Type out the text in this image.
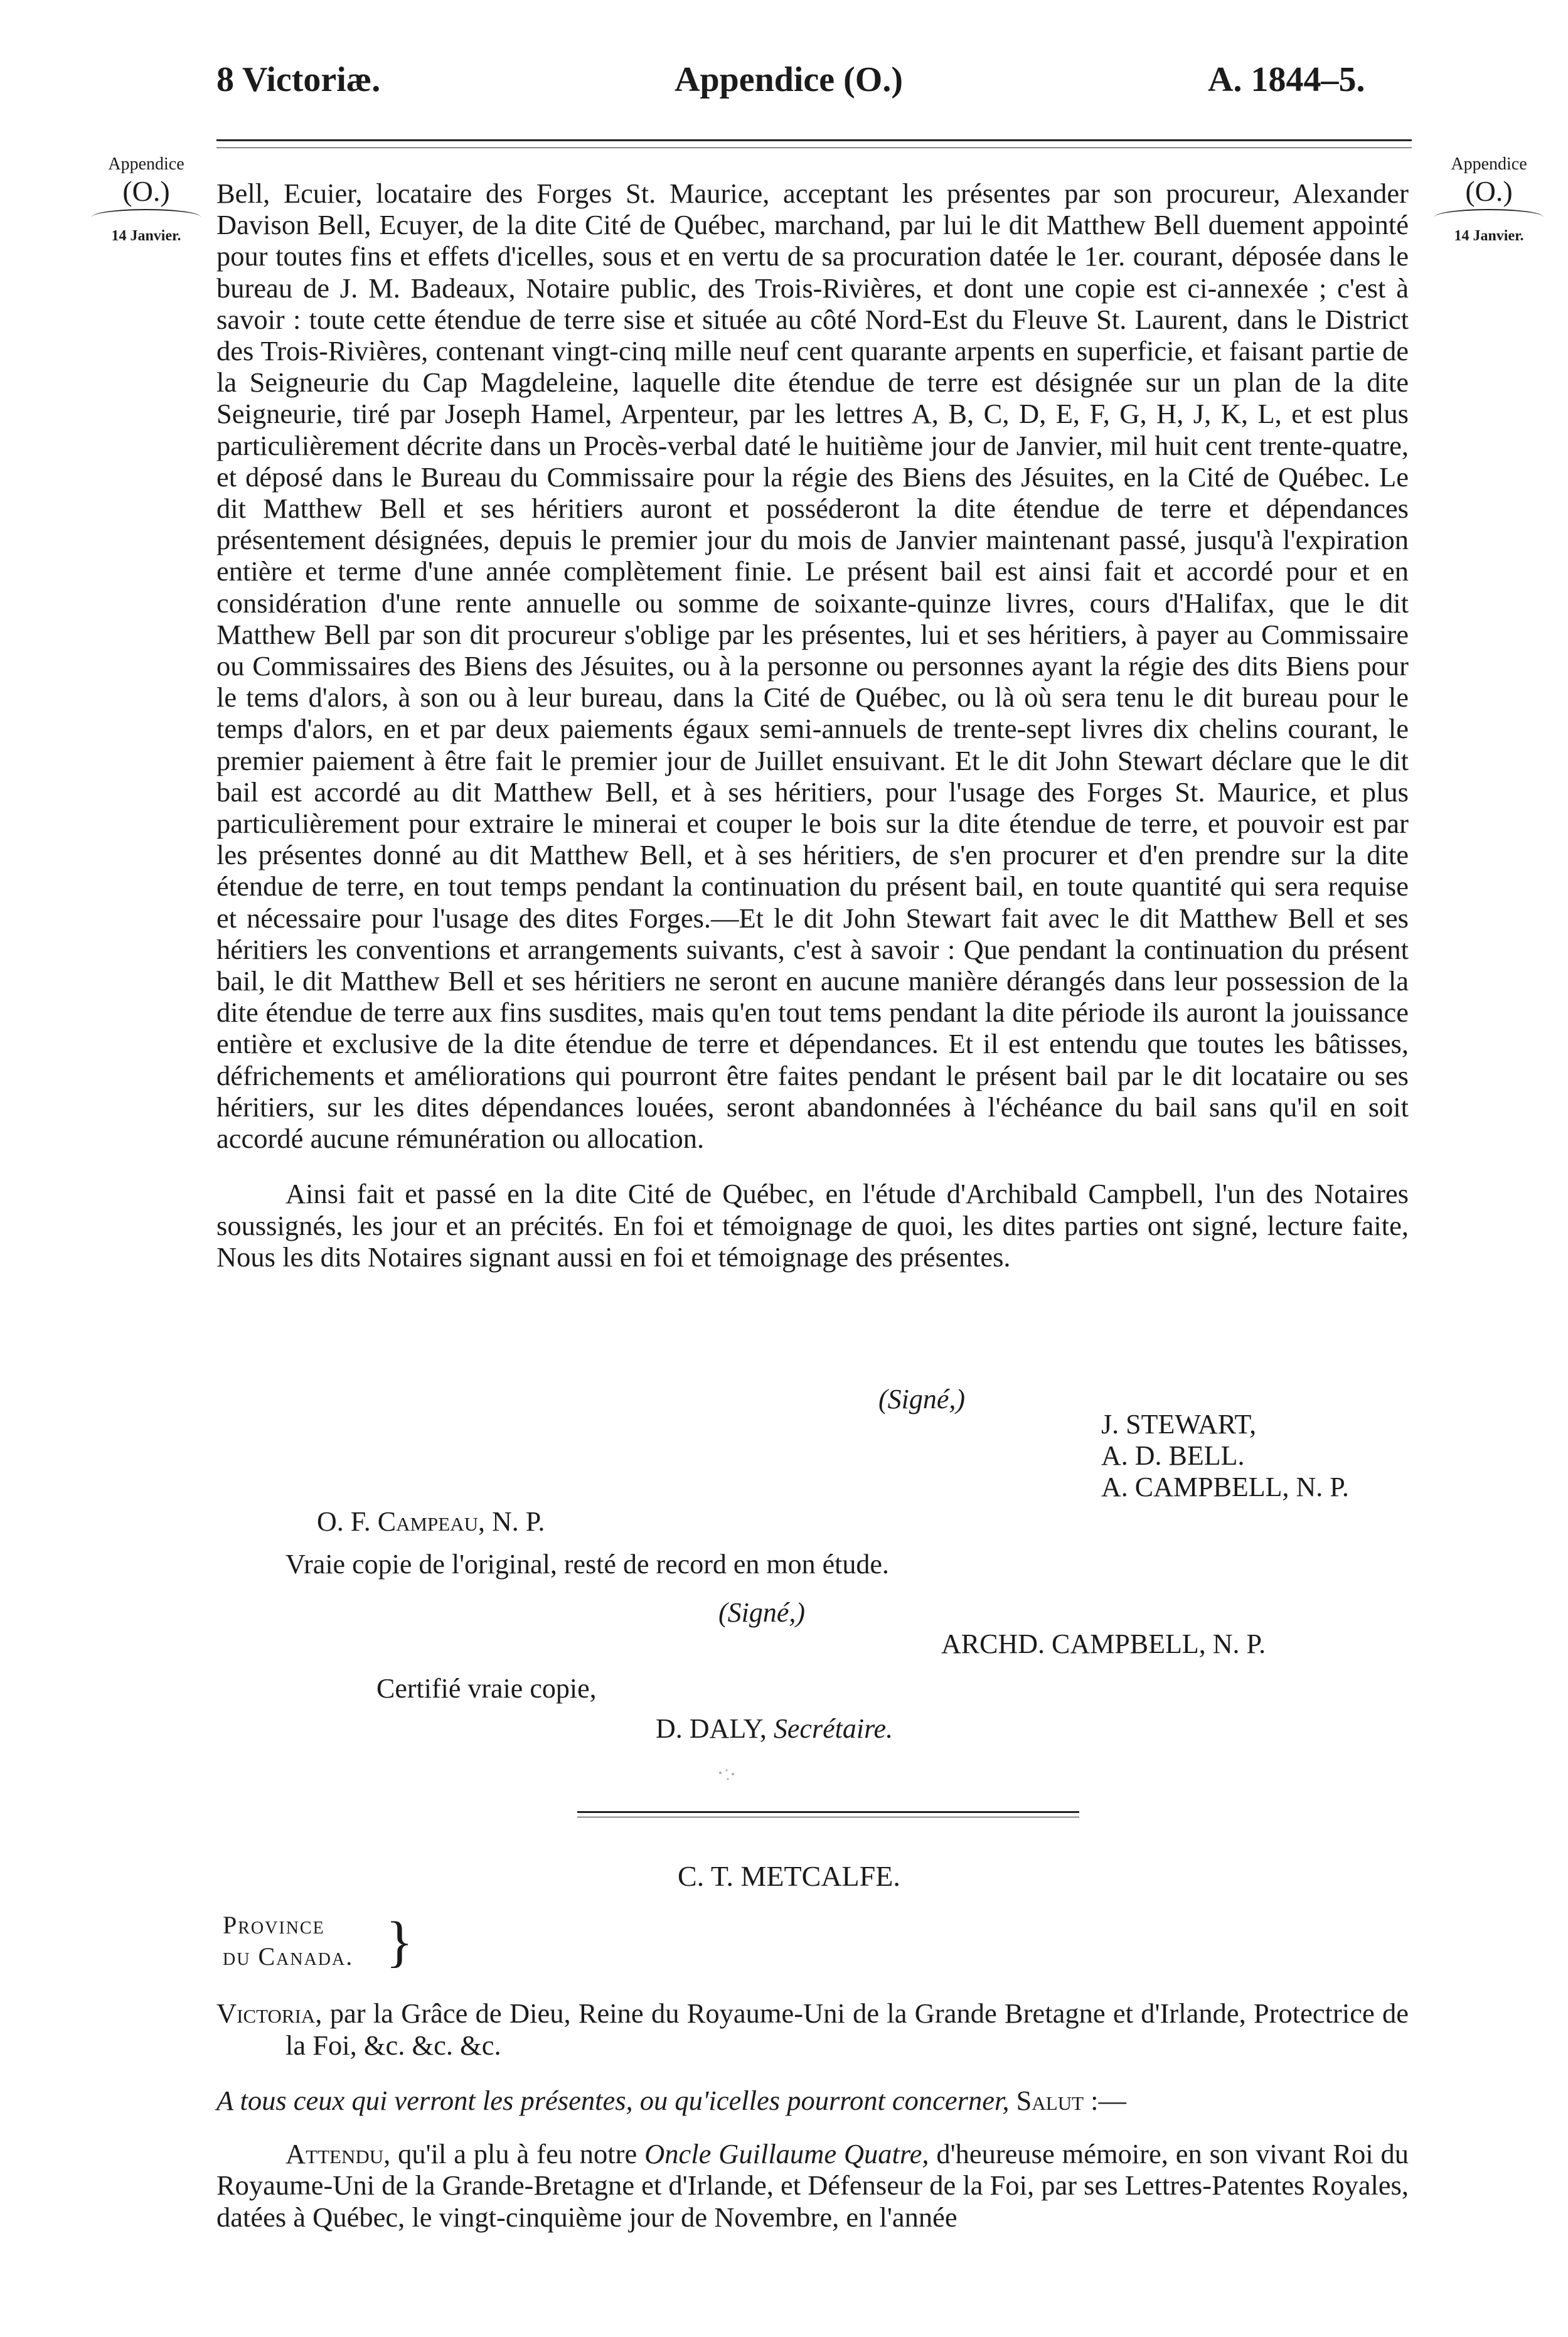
8 Victoriæ.	Appendice (O.)	A. 1844–5.
Appendice
(O.)
14 Janvier.
Appendice
(O.)
14 Janvier.

Bell, Ecuier, locataire des Forges St. Maurice, acceptant les présentes par son procureur, Alexander Davison Bell, Ecuyer, de la dite Cité de Québec, marchand, par lui le dit Matthew Bell duement appointé pour toutes fins et effets d'icelles, sous et en vertu de sa procuration datée le 1er. courant, déposée dans le bureau de J. M. Badeaux, Notaire public, des Trois-Rivières, et dont une copie est ci-annexée ; c'est à savoir : toute cette étendue de terre sise et située au côté Nord-Est du Fleuve St. Laurent, dans le District des Trois-Rivières, contenant vingt-cinq mille neuf cent quarante arpents en superficie, et faisant partie de la Seigneurie du Cap Magdeleine, laquelle dite étendue de terre est désignée sur un plan de la dite Seigneurie, tiré par Joseph Hamel, Arpenteur, par les lettres A, B, C, D, E, F, G, H, J, K, L, et est plus particulièrement décrite dans un Procès-verbal daté le huitième jour de Janvier, mil huit cent trente-quatre, et déposé dans le Bureau du Commissaire pour la régie des Biens des Jésuites, en la Cité de Québec. Le dit Matthew Bell et ses héritiers auront et posséderont la dite étendue de terre et dépendances présentement désignées, depuis le premier jour du mois de Janvier maintenant passé, jusqu'à l'expiration entière et terme d'une année complètement finie. Le présent bail est ainsi fait et accordé pour et en considération d'une rente annuelle ou somme de soixante-quinze livres, cours d'Halifax, que le dit Matthew Bell par son dit procureur s'oblige par les présentes, lui et ses héritiers, à payer au Commissaire ou Commissaires des Biens des Jésuites, ou à la personne ou personnes ayant la régie des dits Biens pour le tems d'alors, à son ou à leur bureau, dans la Cité de Québec, ou là où sera tenu le dit bureau pour le temps d'alors, en et par deux paiements égaux semi-annuels de trente-sept livres dix chelins courant, le premier paiement à être fait le premier jour de Juillet ensuivant. Et le dit John Stewart déclare que le dit bail est accordé au dit Matthew Bell, et à ses héritiers, pour l'usage des Forges St. Maurice, et plus particulièrement pour extraire le minerai et couper le bois sur la dite étendue de terre, et pouvoir est par les présentes donné au dit Matthew Bell, et à ses héritiers, de s'en procurer et d'en prendre sur la dite étendue de terre, en tout temps pendant la continuation du présent bail, en toute quantité qui sera requise et nécessaire pour l'usage des dites Forges.—Et le dit John Stewart fait avec le dit Matthew Bell et ses héritiers les conventions et arrangements suivants, c'est à savoir : Que pendant la continuation du présent bail, le dit Matthew Bell et ses héritiers ne seront en aucune manière dérangés dans leur possession de la dite étendue de terre aux fins susdites, mais qu'en tout tems pendant la dite période ils auront la jouissance entière et exclusive de la dite étendue de terre et dépendances. Et il est entendu que toutes les bâtisses, défrichements et améliorations qui pourront être faites pendant le présent bail par le dit locataire ou ses héritiers, sur les dites dépendances louées, seront abandonnées à l'échéance du bail sans qu'il en soit accordé aucune rémunération ou allocation.

Ainsi fait et passé en la dite Cité de Québec, en l'étude d'Archibald Campbell, l'un des Notaires soussignés, les jour et an précités. En foi et témoignage de quoi, les dites parties ont signé, lecture faite, Nous les dits Notaires signant aussi en foi et témoignage des présentes.

(Signé,)
J. STEWART,
A. D. BELL.
A. CAMPBELL, N. P.
O. F. Campeau, N. P.
Vraie copie de l'original, resté de record en mon étude.
(Signé,)
ARCHD. CAMPBELL, N. P.
Certifié vraie copie,
D. DALY, Secrétaire.
C. T. METCALFE.
Province
du Canada. }

Victoria, par la Grâce de Dieu, Reine du Royaume-Uni de la Grande Bretagne et d'Irlande, Protectrice de la Foi, &c. &c. &c.

A tous ceux qui verront les présentes, ou qu'icelles pourront concerner, Salut :—

Attendu, qu'il a plu à feu notre Oncle Guillaume Quatre, d'heureuse mémoire, en son vivant Roi du Royaume-Uni de la Grande-Bretagne et d'Irlande, et Défenseur de la Foi, par ses Lettres-Patentes Royales, datées à Québec, le vingt-cinquième jour de Novembre, en l'année
